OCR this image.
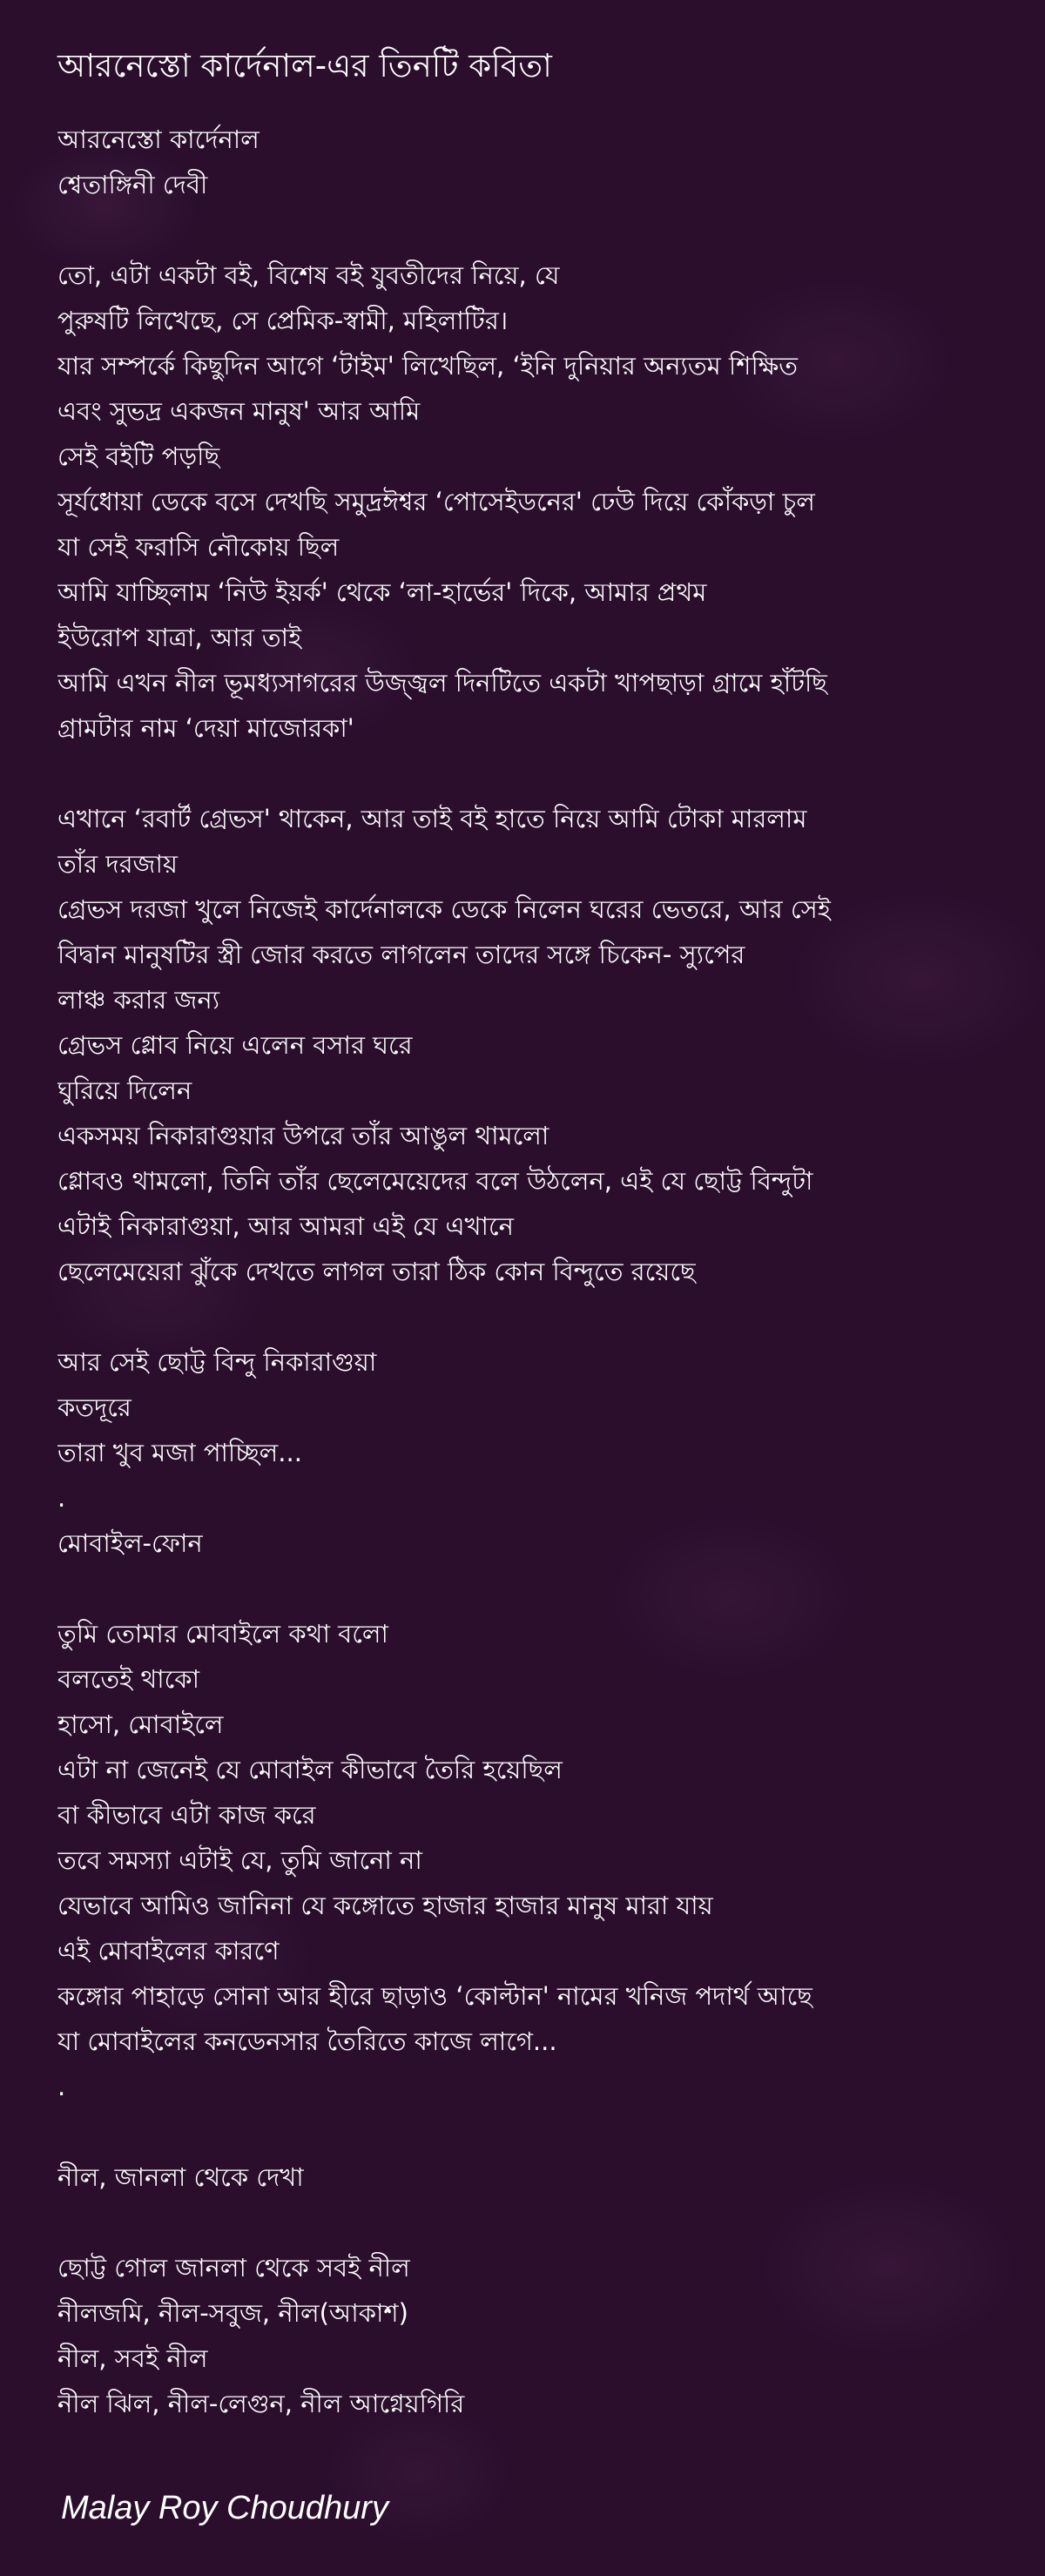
আরনেস্তো কার্দেনাল-এর তিনটি কবিতা
আরনেস্তো কার্দেনাল
শ্বেতাঙ্গিনী দেবী
তো, এটা একটা বই, বিশেষ বই যুবতীদের নিয়ে, যে
পুরুষটি লিখেছে, সে প্রেমিক-স্বামী, মহিলাটির।
যার সম্পর্কে কিছুদিন আগে ‘টাইম' লিখেছিল, ‘ইনি দুনিয়ার অন্যতম শিক্ষিত
এবং সুভদ্র একজন মানুষ' আর আমি
সেই বইটি পড়ছি
সূর্যধোয়া ডেকে বসে দেখছি সমুদ্রঈশ্বর ‘পোসেইডনের' ঢেউ দিয়ে কোঁকড়া চুল
যা সেই ফরাসি নৌকোয় ছিল
আমি যাচ্ছিলাম ‘নিউ ইয়র্ক' থেকে ‘লা-হার্ভের' দিকে, আমার প্রথম
ইউরোপ যাত্রা, আর তাই
আমি এখন নীল ভূমধ্যসাগরের উজ্জ্বল দিনটিতে একটা খাপছাড়া গ্রামে হাঁটছি
গ্রামটার নাম ‘দেয়া মাজোরকা'
এখানে ‘রবার্ট গ্রেভস' থাকেন, আর তাই বই হাতে নিয়ে আমি টোকা মারলাম
তাঁর দরজায়
গ্রেভস দরজা খুলে নিজেই কার্দেনালকে ডেকে নিলেন ঘরের ভেতরে, আর সেই
বিদ্বান মানুষটির স্ত্রী জোর করতে লাগলেন তাদের সঙ্গে চিকেন- স্যুপের
লাঞ্চ করার জন্য
গ্রেভস গ্লোব নিয়ে এলেন বসার ঘরে
ঘুরিয়ে দিলেন
একসময় নিকারাগুয়ার উপরে তাঁর আঙুল থামলো
গ্লোবও থামলো, তিনি তাঁর ছেলেমেয়েদের বলে উঠলেন, এই যে ছোট্ট বিন্দুটা
এটাই নিকারাগুয়া, আর আমরা এই যে এখানে
ছেলেমেয়েরা ঝুঁকে দেখতে লাগল তারা ঠিক কোন বিন্দুতে রয়েছে
আর সেই ছোট্ট বিন্দু নিকারাগুয়া
কতদূরে
তারা খুব মজা পাচ্ছিল...
.
মোবাইল-ফোন
তুমি তোমার মোবাইলে কথা বলো
বলতেই থাকো
হাসো, মোবাইলে
এটা না জেনেই যে মোবাইল কীভাবে তৈরি হয়েছিল
বা কীভাবে এটা কাজ করে
তবে সমস্যা এটাই যে, তুমি জানো না
যেভাবে আমিও জানিনা যে কঙ্গোতে হাজার হাজার মানুষ মারা যায়
এই মোবাইলের কারণে
কঙ্গোর পাহাড়ে সোনা আর হীরে ছাড়াও ‘কোল্টান' নামের খনিজ পদার্থ আছে
যা মোবাইলের কনডেনসার তৈরিতে কাজে লাগে...
.
নীল, জানলা থেকে দেখা
ছোট্ট গোল জানলা থেকে সবই নীল
নীলজমি, নীল-সবুজ, নীল(আকাশ)
নীল, সবই নীল
নীল ঝিল, নীল-লেগুন, নীল আগ্নেয়গিরি
Malay Roy Choudhury
